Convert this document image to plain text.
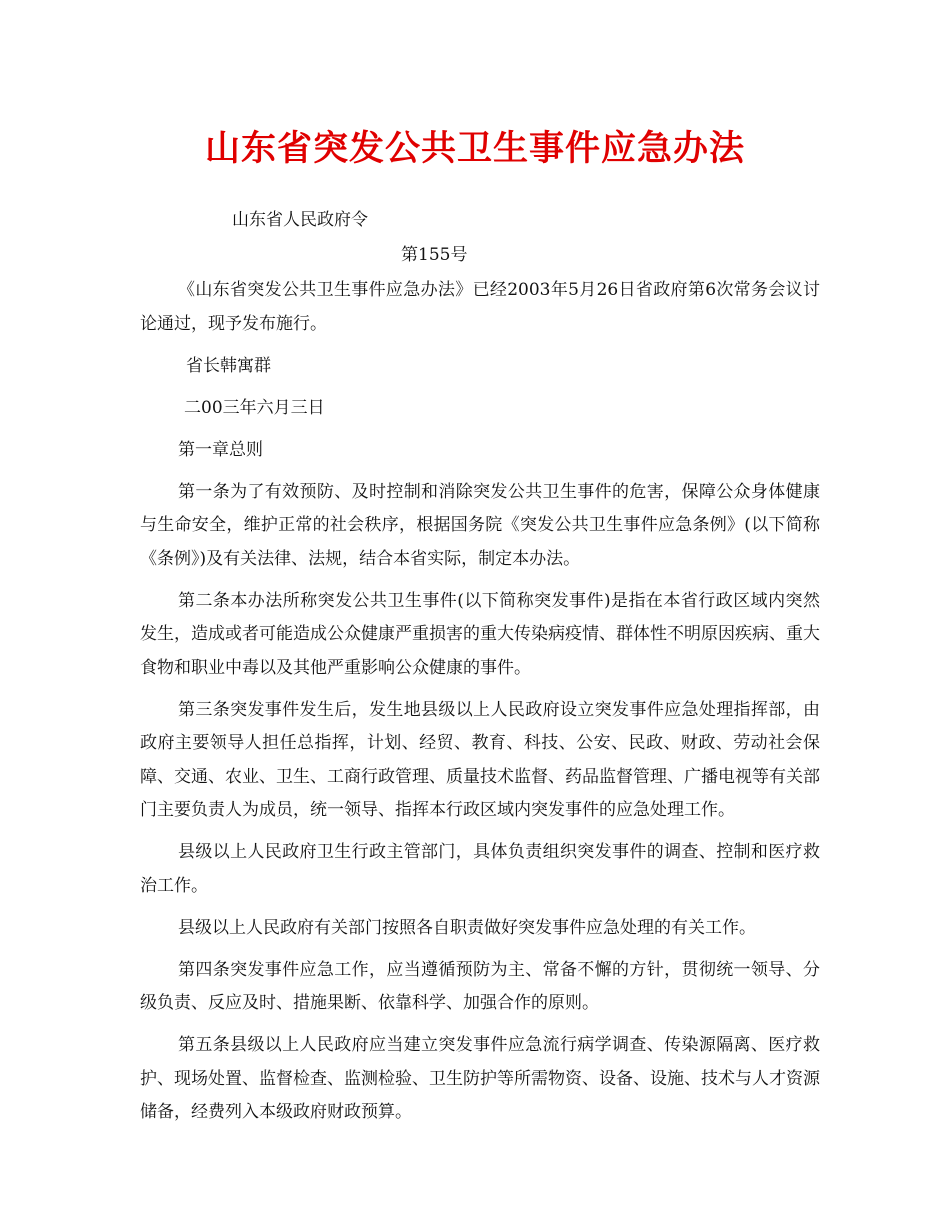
山东省突发公共卫生事件应急办法
山东省人民政府令
第155号

《山东省突发公共卫生事件应急办法》已经2003年5月26日省政府第6次常务会议讨论通过，现予发布施行。

省长韩寓群

二00三年六月三日

第一章总则

第一条为了有效预防、及时控制和消除突发公共卫生事件的危害，保障公众身体健康与生命安全，维护正常的社会秩序，根据国务院《突发公共卫生事件应急条例》(以下简称《条例》)及有关法律、法规，结合本省实际，制定本办法。

第二条本办法所称突发公共卫生事件(以下简称突发事件)是指在本省行政区域内突然发生，造成或者可能造成公众健康严重损害的重大传染病疫情、群体性不明原因疾病、重大食物和职业中毒以及其他严重影响公众健康的事件。

第三条突发事件发生后，发生地县级以上人民政府设立突发事件应急处理指挥部，由政府主要领导人担任总指挥，计划、经贸、教育、科技、公安、民政、财政、劳动社会保障、交通、农业、卫生、工商行政管理、质量技术监督、药品监督管理、广播电视等有关部门主要负责人为成员，统一领导、指挥本行政区域内突发事件的应急处理工作。

县级以上人民政府卫生行政主管部门，具体负责组织突发事件的调查、控制和医疗救治工作。

县级以上人民政府有关部门按照各自职责做好突发事件应急处理的有关工作。

第四条突发事件应急工作，应当遵循预防为主、常备不懈的方针，贯彻统一领导、分级负责、反应及时、措施果断、依靠科学、加强合作的原则。

第五条县级以上人民政府应当建立突发事件应急流行病学调查、传染源隔离、医疗救护、现场处置、监督检查、监测检验、卫生防护等所需物资、设备、设施、技术与人才资源储备，经费列入本级政府财政预算。
